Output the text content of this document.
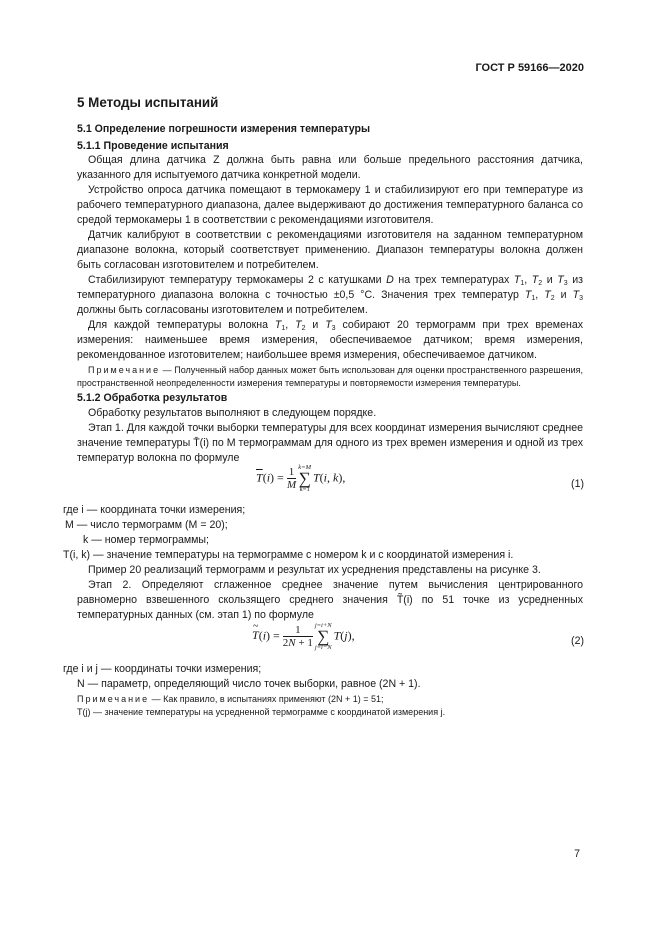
ГОСТ Р 59166—2020
5 Методы испытаний
5.1 Определение погрешности измерения температуры
5.1.1 Проведение испытания
Общая длина датчика Z должна быть равна или больше предельного расстояния датчика, указанного для испытуемого датчика конкретной модели.
Устройство опроса датчика помещают в термокамеру 1 и стабилизируют его при температуре из рабочего температурного диапазона, далее выдерживают до достижения температурного баланса со средой термокамеры 1 в соответствии с рекомендациями изготовителя.
Датчик калибруют в соответствии с рекомендациями изготовителя на заданном температурном диапазоне волокна, который соответствует применению. Диапазон температуры волокна должен быть согласован изготовителем и потребителем.
Стабилизируют температуру термокамеры 2 с катушками D на трех температурах $T_1$, $T_2$ и $T_3$ из температурного диапазона волокна с точностью ±0,5 °C. Значения трех температур $T_1$, $T_2$ и $T_3$ должны быть согласованы изготовителем и потребителем.
Для каждой температуры волокна $T_1$, $T_2$ и $T_3$ собирают 20 термограмм при трех временах измерения: наименьшее время измерения, обеспечиваемое датчиком; время измерения, рекомендованное изготовителем; наибольшее время измерения, обеспечиваемое датчиком.
Примечание — Полученный набор данных может быть использован для оценки пространственного разрешения, пространственной неопределенности измерения температуры и повторяемости измерения температуры.
5.1.2 Обработка результатов
Обработку результатов выполняют в следующем порядке.
Этап 1. Для каждой точки выборки температуры для всех координат измерения вычисляют среднее значение температуры T̄(i) по M термограммам для одного из трех времен измерения и одной из трех температур волокна по формуле
$\overline{T}(i) = \frac{1}{M} k=M$
∑
k=1
T(i, k),	(1)
где i — координата точки измерения;
M — число термограмм (M = 20);
k — номер термограммы;
T(i, k) — значение температуры на термограмме с номером k и с координатой измерения i.
Пример 20 реализаций термограмм и результат их усреднения представлены на рисунке 3.
Этап 2. Определяют сглаженное среднее значение путем вычисления центрированного равномерно взвешенного скользящего среднего значения T̃(i) по 51 точке из усредненных температурных данных (см. этап 1) по формуле
~ $T(i) = \frac{1}{2N + 1} j=i+N$
∑
j=i−N
T(j),	(2)
где i и j — координаты точки измерения;
N — параметр, определяющий число точек выборки, равное (2N + 1).
Примечание — Как правило, в испытаниях применяют (2N + 1) = 51;
T(j) — значение температуры на усредненной термограмме с координатой измерения j.
7
